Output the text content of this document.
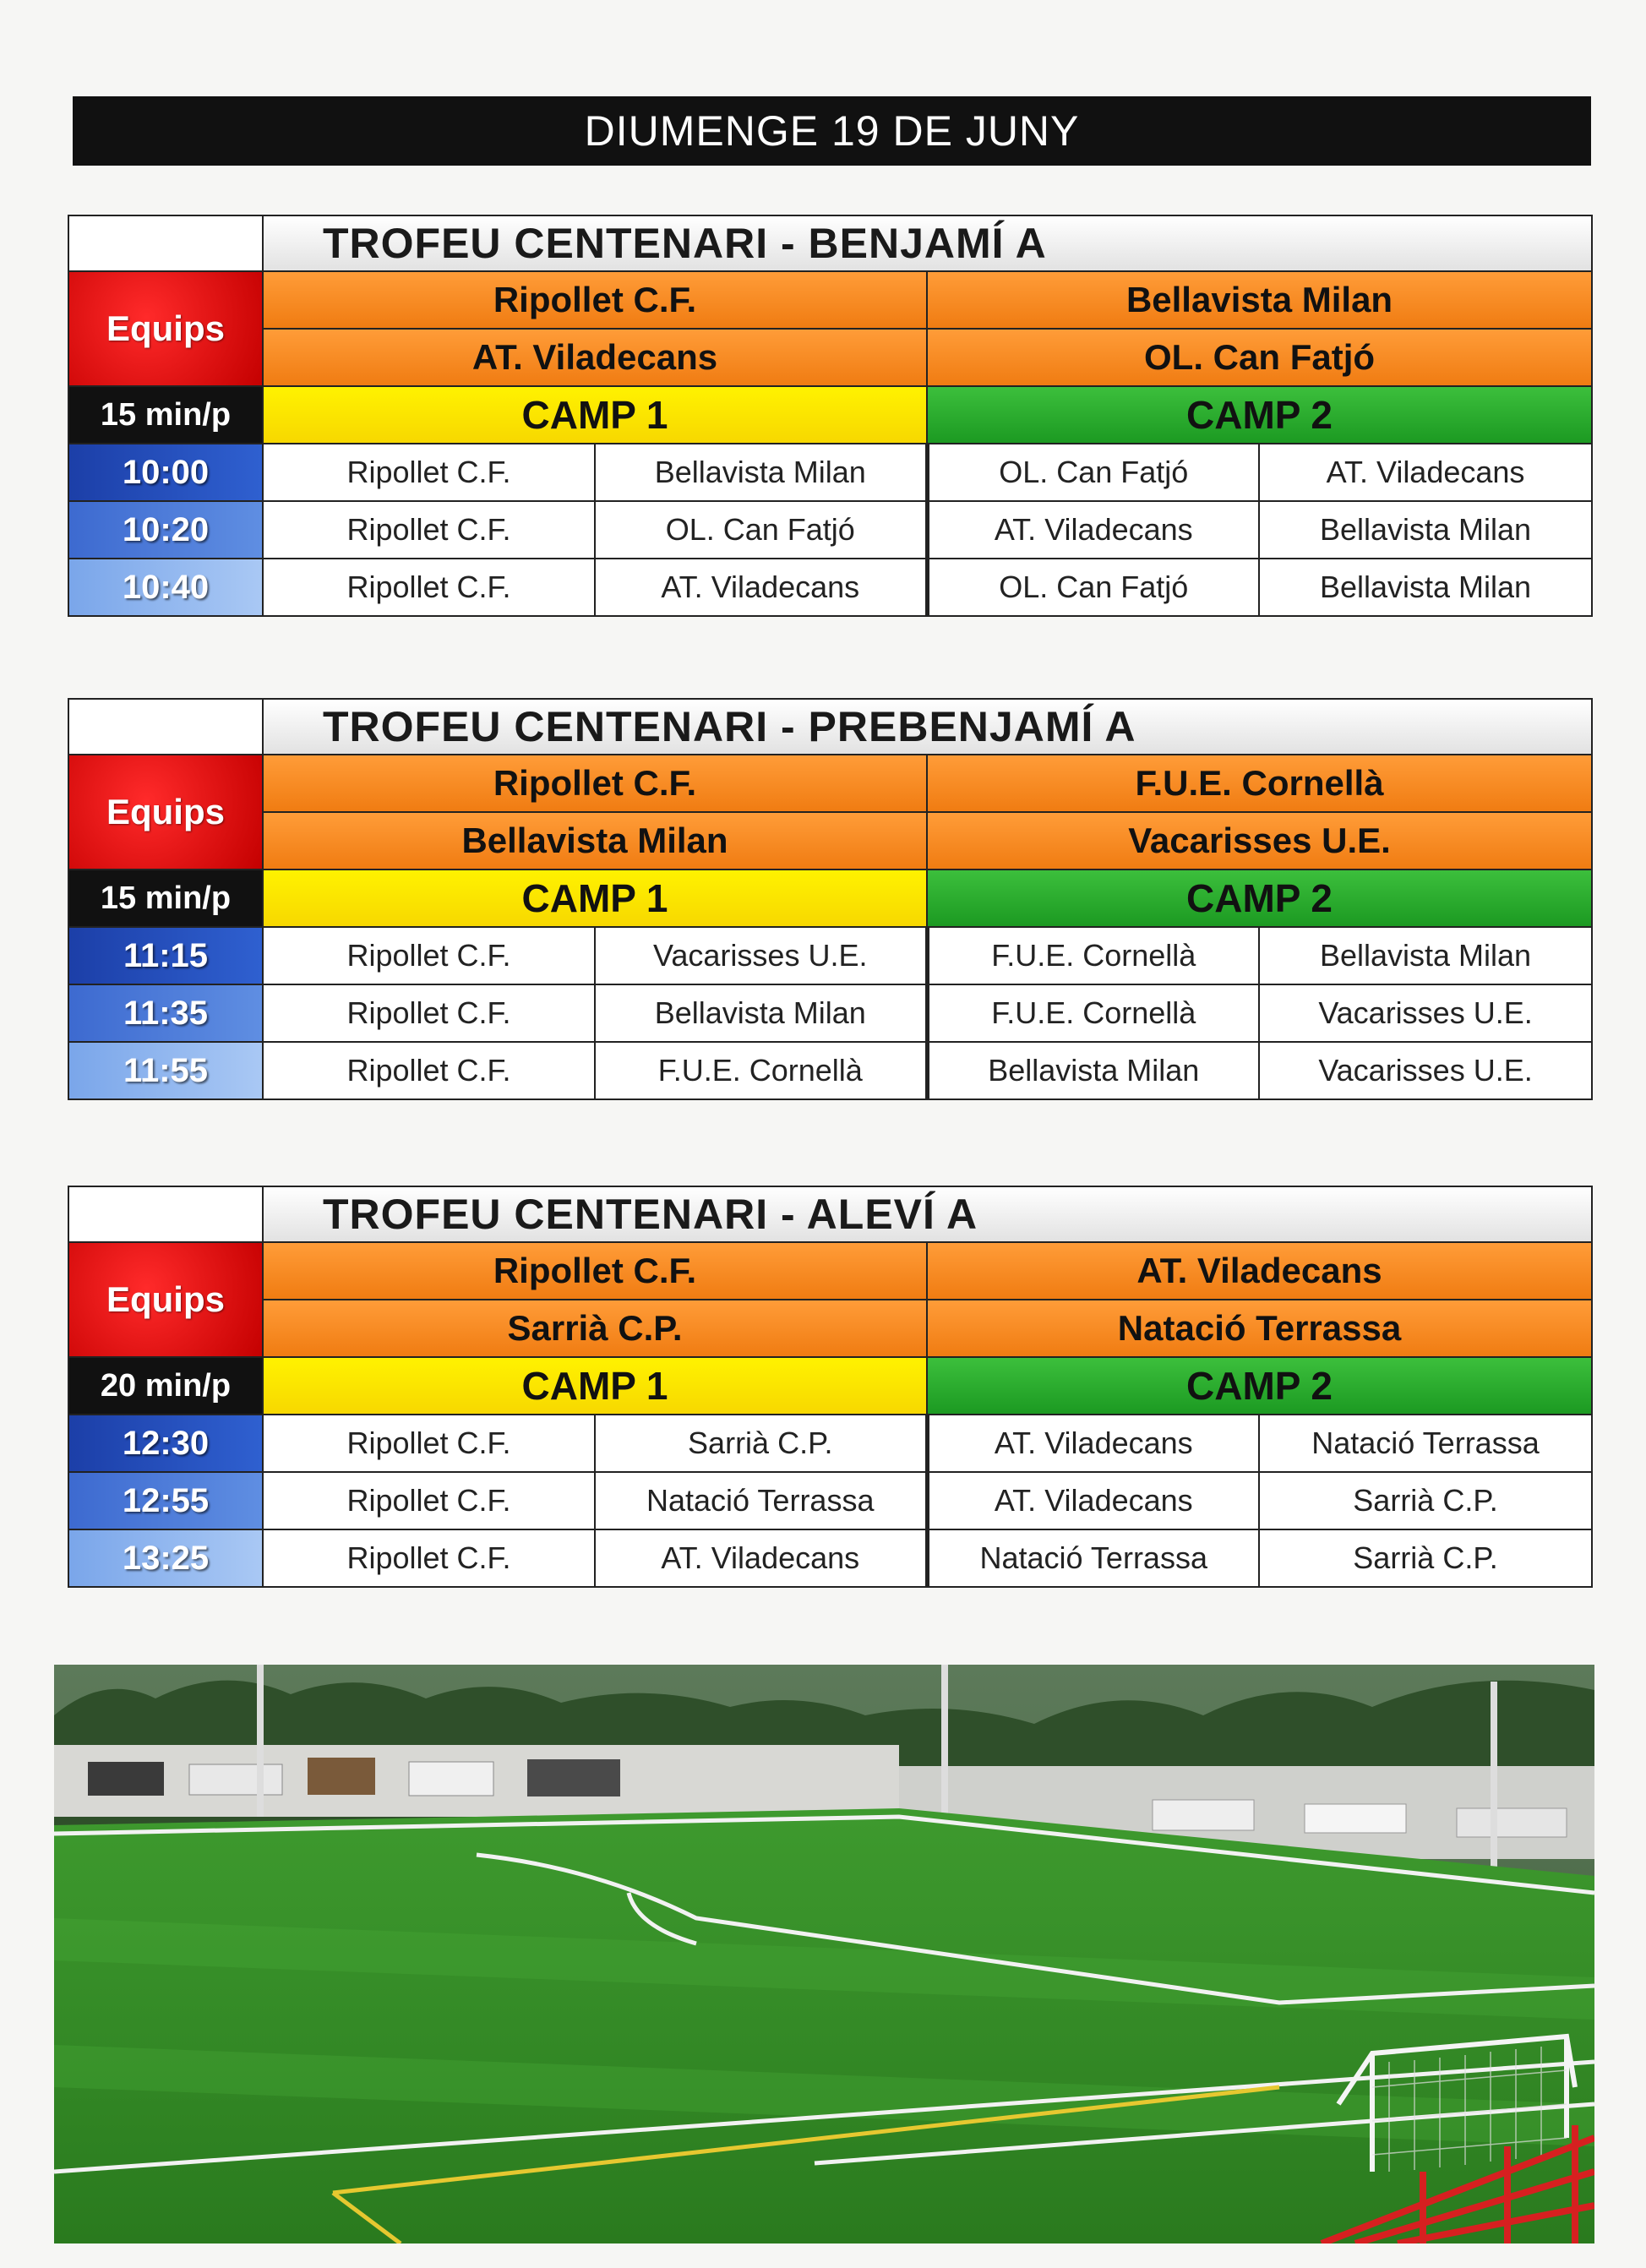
DIUMENGE 19 DE JUNY
	TROFEU CENTENARI - BENJAMÍ A			
Equips	Ripollet C.F.		Bellavista Milan	
	AT. Viladecans		OL. Can Fatjó	
15 min/p	CAMP 1		CAMP 2	
10:00	Ripollet C.F.	Bellavista Milan	OL. Can Fatjó	AT. Viladecans
10:20	Ripollet C.F.	OL. Can Fatjó	AT. Viladecans	Bellavista Milan
10:40	Ripollet C.F.	AT. Viladecans	OL. Can Fatjó	Bellavista Milan
	TROFEU CENTENARI - PREBENJAMÍ A			
Equips	Ripollet C.F.		F.U.E. Cornellà	
	Bellavista Milan		Vacarisses U.E.	
15 min/p	CAMP 1		CAMP 2	
11:15	Ripollet C.F.	Vacarisses U.E.	F.U.E. Cornellà	Bellavista Milan
11:35	Ripollet C.F.	Bellavista Milan	F.U.E. Cornellà	Vacarisses U.E.
11:55	Ripollet C.F.	F.U.E. Cornellà	Bellavista Milan	Vacarisses U.E.
	TROFEU CENTENARI - ALEVÍ A			
Equips	Ripollet C.F.		AT. Viladecans	
	Sarrià C.P.		Natació Terrassa	
20 min/p	CAMP 1		CAMP 2	
12:30	Ripollet C.F.	Sarrià C.P.	AT. Viladecans	Natació Terrassa
12:55	Ripollet C.F.	Natació Terrassa	AT. Viladecans	Sarrià C.P.
13:25	Ripollet C.F.	AT. Viladecans	Natació Terrassa	Sarrià C.P.
